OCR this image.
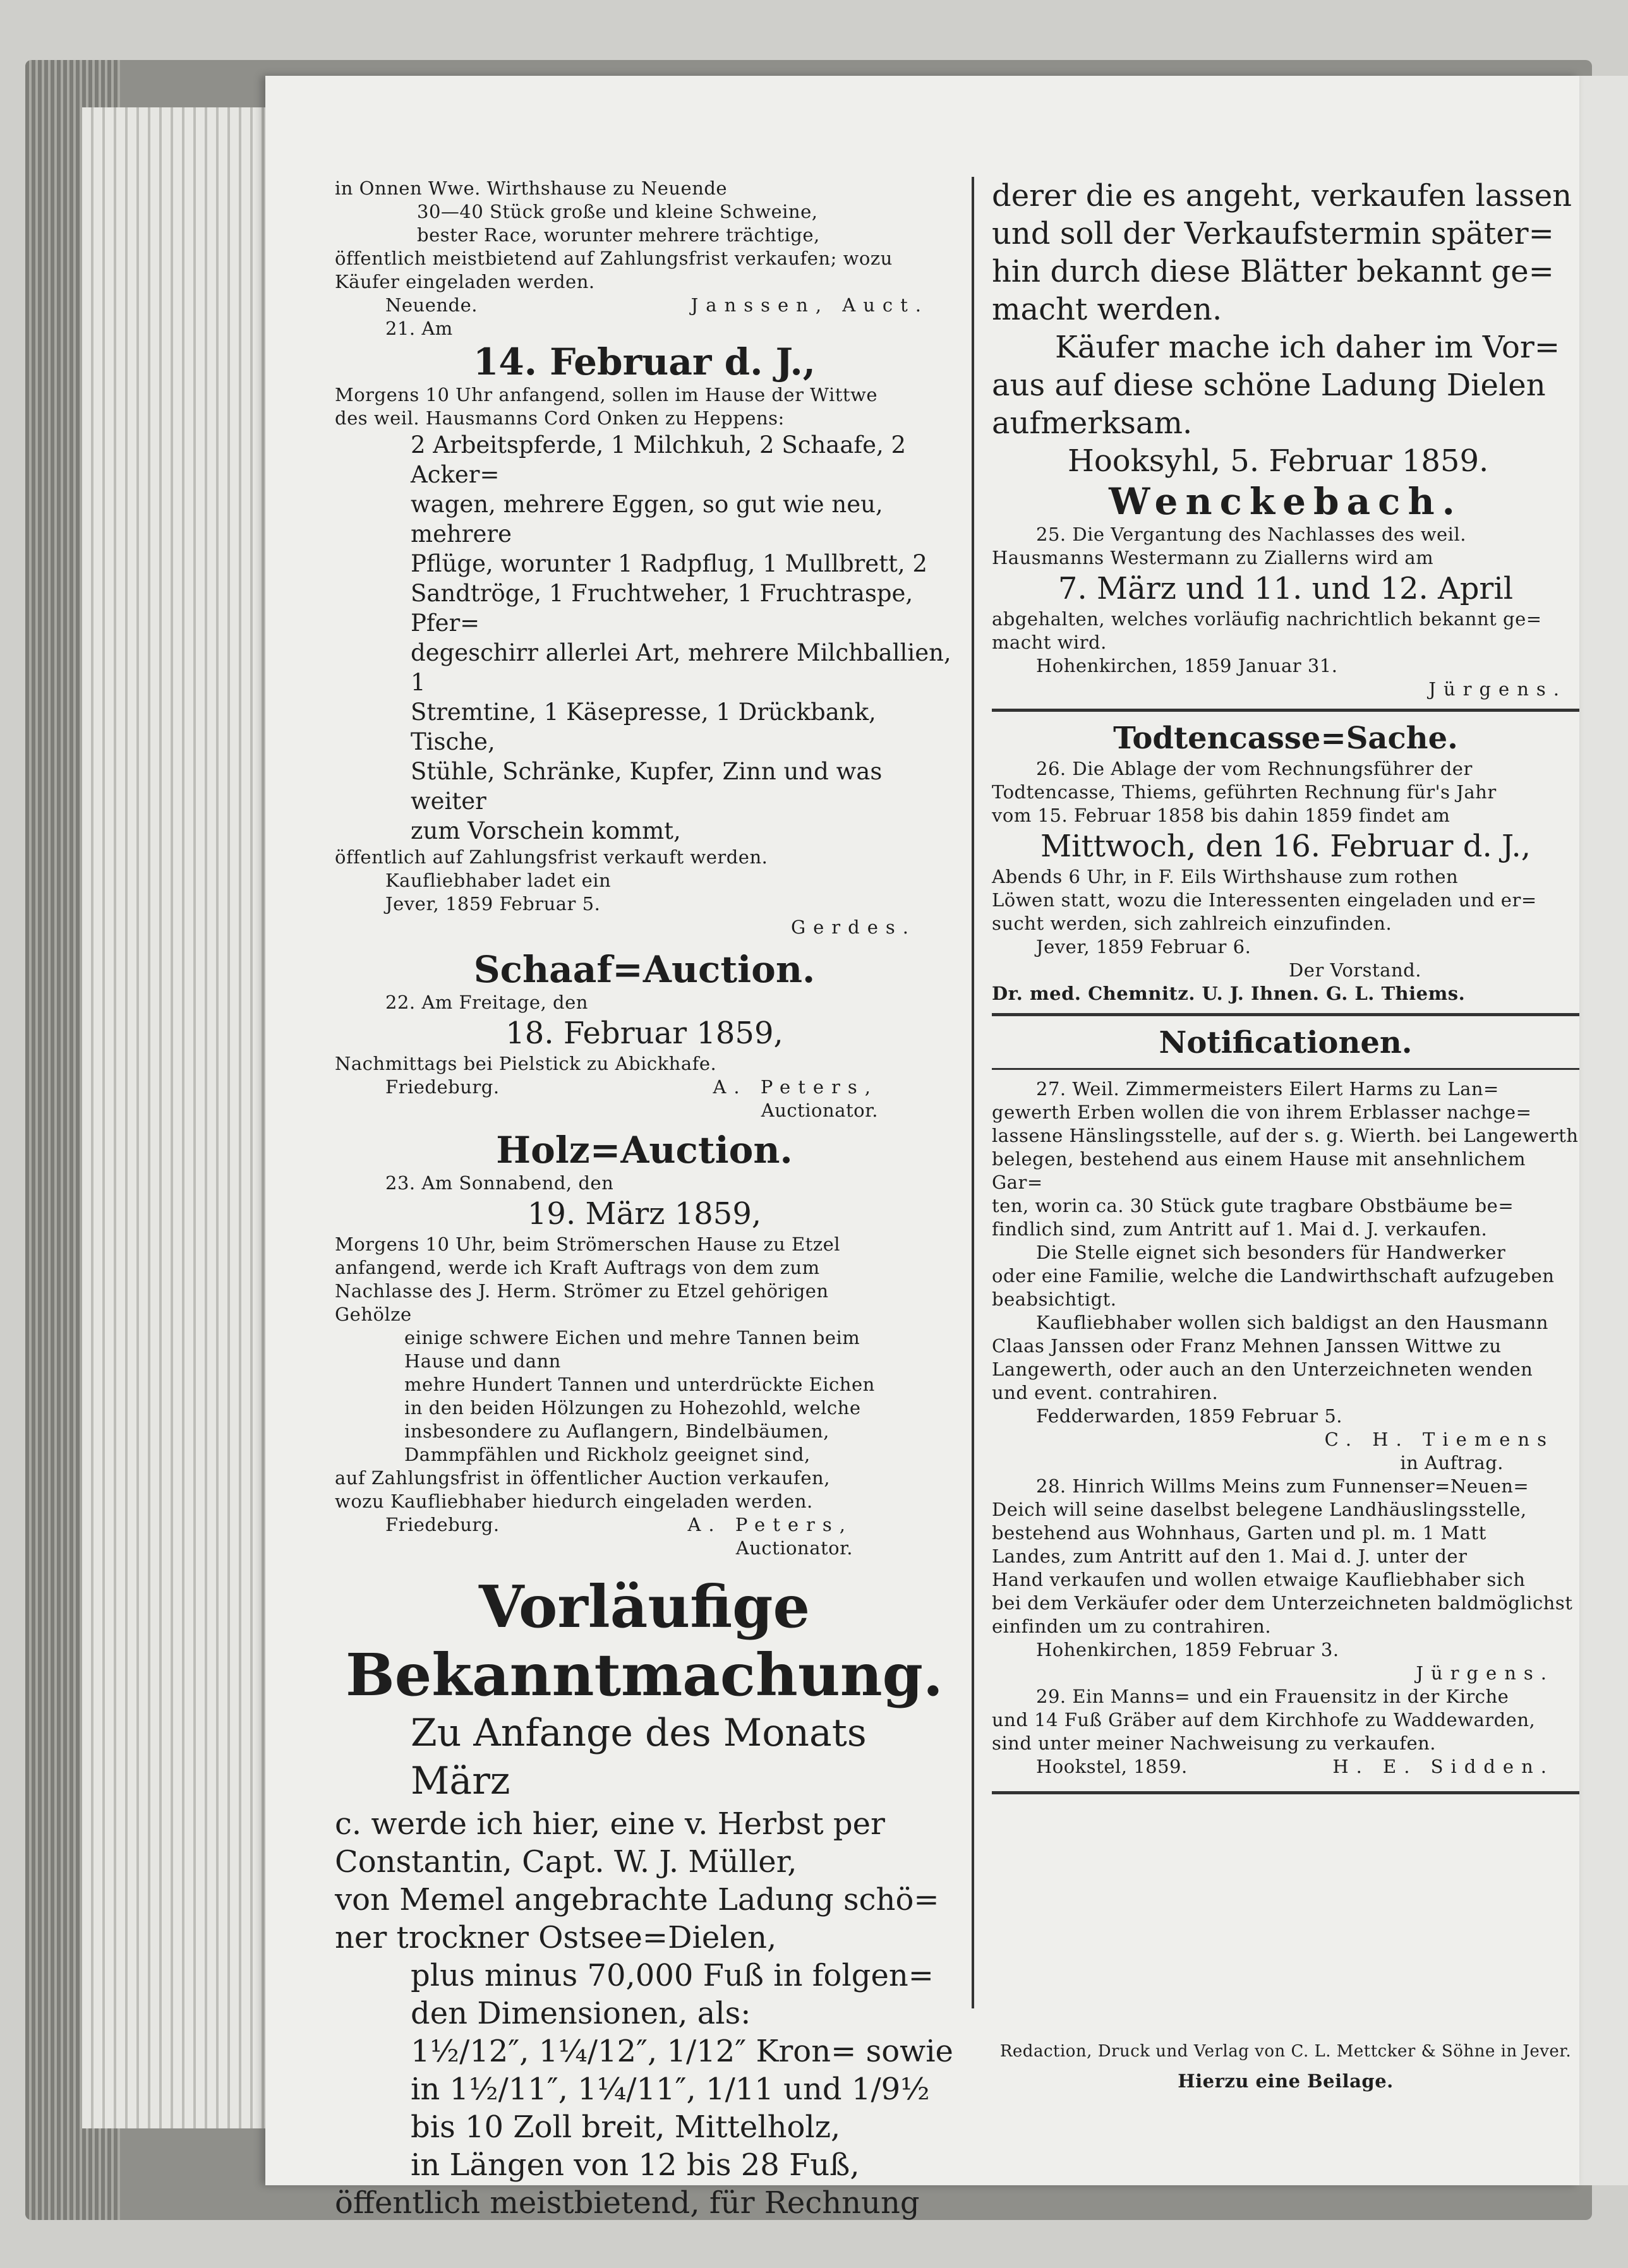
in Onnen Wwe. Wirthshause zu Neuende

30—40 Stück große und kleine Schweine,

bester Race, worunter mehrere trächtige,

öffentlich meistbietend auf Zahlungsfrist verkaufen; wozu

Käufer eingeladen werden.

Neuende.	Janssen, Auct.

21. Am

14. Februar d. J.,

Morgens 10 Uhr anfangend, sollen im Hause der Wittwe

des weil. Hausmanns Cord Onken zu Heppens:

2 Arbeitspferde, 1 Milchkuh, 2 Schaafe, 2 Acker=

wagen, mehrere Eggen, so gut wie neu, mehrere

Pflüge, worunter 1 Radpflug, 1 Mullbrett, 2

Sandtröge, 1 Fruchtweher, 1 Fruchtraspe, Pfer=

degeschirr allerlei Art, mehrere Milchballien, 1

Stremtine, 1 Käsepresse, 1 Drückbank, Tische,

Stühle, Schränke, Kupfer, Zinn und was weiter

zum Vorschein kommt,

öffentlich auf Zahlungsfrist verkauft werden.

Kaufliebhaber ladet ein

Jever, 1859 Februar 5.

Gerdes.

Schaaf=Auction.

22. Am Freitage, den

18. Februar 1859,

Nachmittags bei Pielstick zu Abickhafe.

Friedeburg.	A. Peters,

Auctionator.

Holz=Auction.

23. Am Sonnabend, den

19. März 1859,

Morgens 10 Uhr, beim Strömerschen Hause zu Etzel

anfangend, werde ich Kraft Auftrags von dem zum

Nachlasse des J. Herm. Strömer zu Etzel gehörigen

Gehölze

einige schwere Eichen und mehre Tannen beim

Hause und dann

mehre Hundert Tannen und unterdrückte Eichen

in den beiden Hölzungen zu Hohezohld, welche

insbesondere zu Auflangern, Bindelbäumen,

Dammpfählen und Rickholz geeignet sind,

auf Zahlungsfrist in öffentlicher Auction verkaufen,

wozu Kaufliebhaber hiedurch eingeladen werden.

Friedeburg.	A. Peters,

Auctionator.

Vorläufige

Bekanntmachung.

Zu Anfange des Monats März

c. werde ich hier, eine v. Herbst per

Constantin, Capt. W. J. Müller,

von Memel angebrachte Ladung schö=

ner trockner Ostsee=Dielen,

plus minus 70,000 Fuß in folgen=

den Dimensionen, als:

1½/12″, 1¼/12″, 1/12″ Kron= sowie

in 1½/11″, 1¼/11″, 1/11 und 1/9½

bis 10 Zoll breit, Mittelholz,

in Längen von 12 bis 28 Fuß,

öffentlich meistbietend, für Rechnung

derer die es angeht, verkaufen lassen

und soll der Verkaufstermin später=

hin durch diese Blätter bekannt ge=

macht werden.

Käufer mache ich daher im Vor=

aus auf diese schöne Ladung Dielen

aufmerksam.

Hooksyhl, 5. Februar 1859.

Wenckebach.

25. Die Vergantung des Nachlasses des weil.

Hausmanns Westermann zu Ziallerns wird am

7. März und 11. und 12. April

abgehalten, welches vorläufig nachrichtlich bekannt ge=

macht wird.

Hohenkirchen, 1859 Januar 31.

Jürgens.

Todtencasse=Sache.

26. Die Ablage der vom Rechnungsführer der

Todtencasse, Thiems, geführten Rechnung für's Jahr

vom 15. Februar 1858 bis dahin 1859 findet am

Mittwoch, den 16. Februar d. J.,

Abends 6 Uhr, in F. Eils Wirthshause zum rothen

Löwen statt, wozu die Interessenten eingeladen und er=

sucht werden, sich zahlreich einzufinden.

Jever, 1859 Februar 6.

Der Vorstand.

Dr. med. Chemnitz. U. J. Ihnen. G. L. Thiems.

Notificationen.

27. Weil. Zimmermeisters Eilert Harms zu Lan=

gewerth Erben wollen die von ihrem Erblasser nachge=

lassene Hänslingsstelle, auf der s. g. Wierth. bei Langewerth

belegen, bestehend aus einem Hause mit ansehnlichem Gar=

ten, worin ca. 30 Stück gute tragbare Obstbäume be=

findlich sind, zum Antritt auf 1. Mai d. J. verkaufen.

Die Stelle eignet sich besonders für Handwerker

oder eine Familie, welche die Landwirthschaft aufzugeben

beabsichtigt.

Kaufliebhaber wollen sich baldigst an den Hausmann

Claas Janssen oder Franz Mehnen Janssen Wittwe zu

Langewerth, oder auch an den Unterzeichneten wenden

und event. contrahiren.

Fedderwarden, 1859 Februar 5.

C. H. Tiemens

in Auftrag.

28. Hinrich Willms Meins zum Funnenser=Neuen=

Deich will seine daselbst belegene Landhäuslingsstelle,

bestehend aus Wohnhaus, Garten und pl. m. 1 Matt

Landes, zum Antritt auf den 1. Mai d. J. unter der

Hand verkaufen und wollen etwaige Kaufliebhaber sich

bei dem Verkäufer oder dem Unterzeichneten baldmöglichst

einfinden um zu contrahiren.

Hohenkirchen, 1859 Februar 3.

Jürgens.

29. Ein Manns= und ein Frauensitz in der Kirche

und 14 Fuß Gräber auf dem Kirchhofe zu Waddewarden,

sind unter meiner Nachweisung zu verkaufen.

Hookstel, 1859.	H. E. Sidden.

Redaction, Druck und Verlag von C. L. Mettcker & Söhne in Jever.

Hierzu eine Beilage.
